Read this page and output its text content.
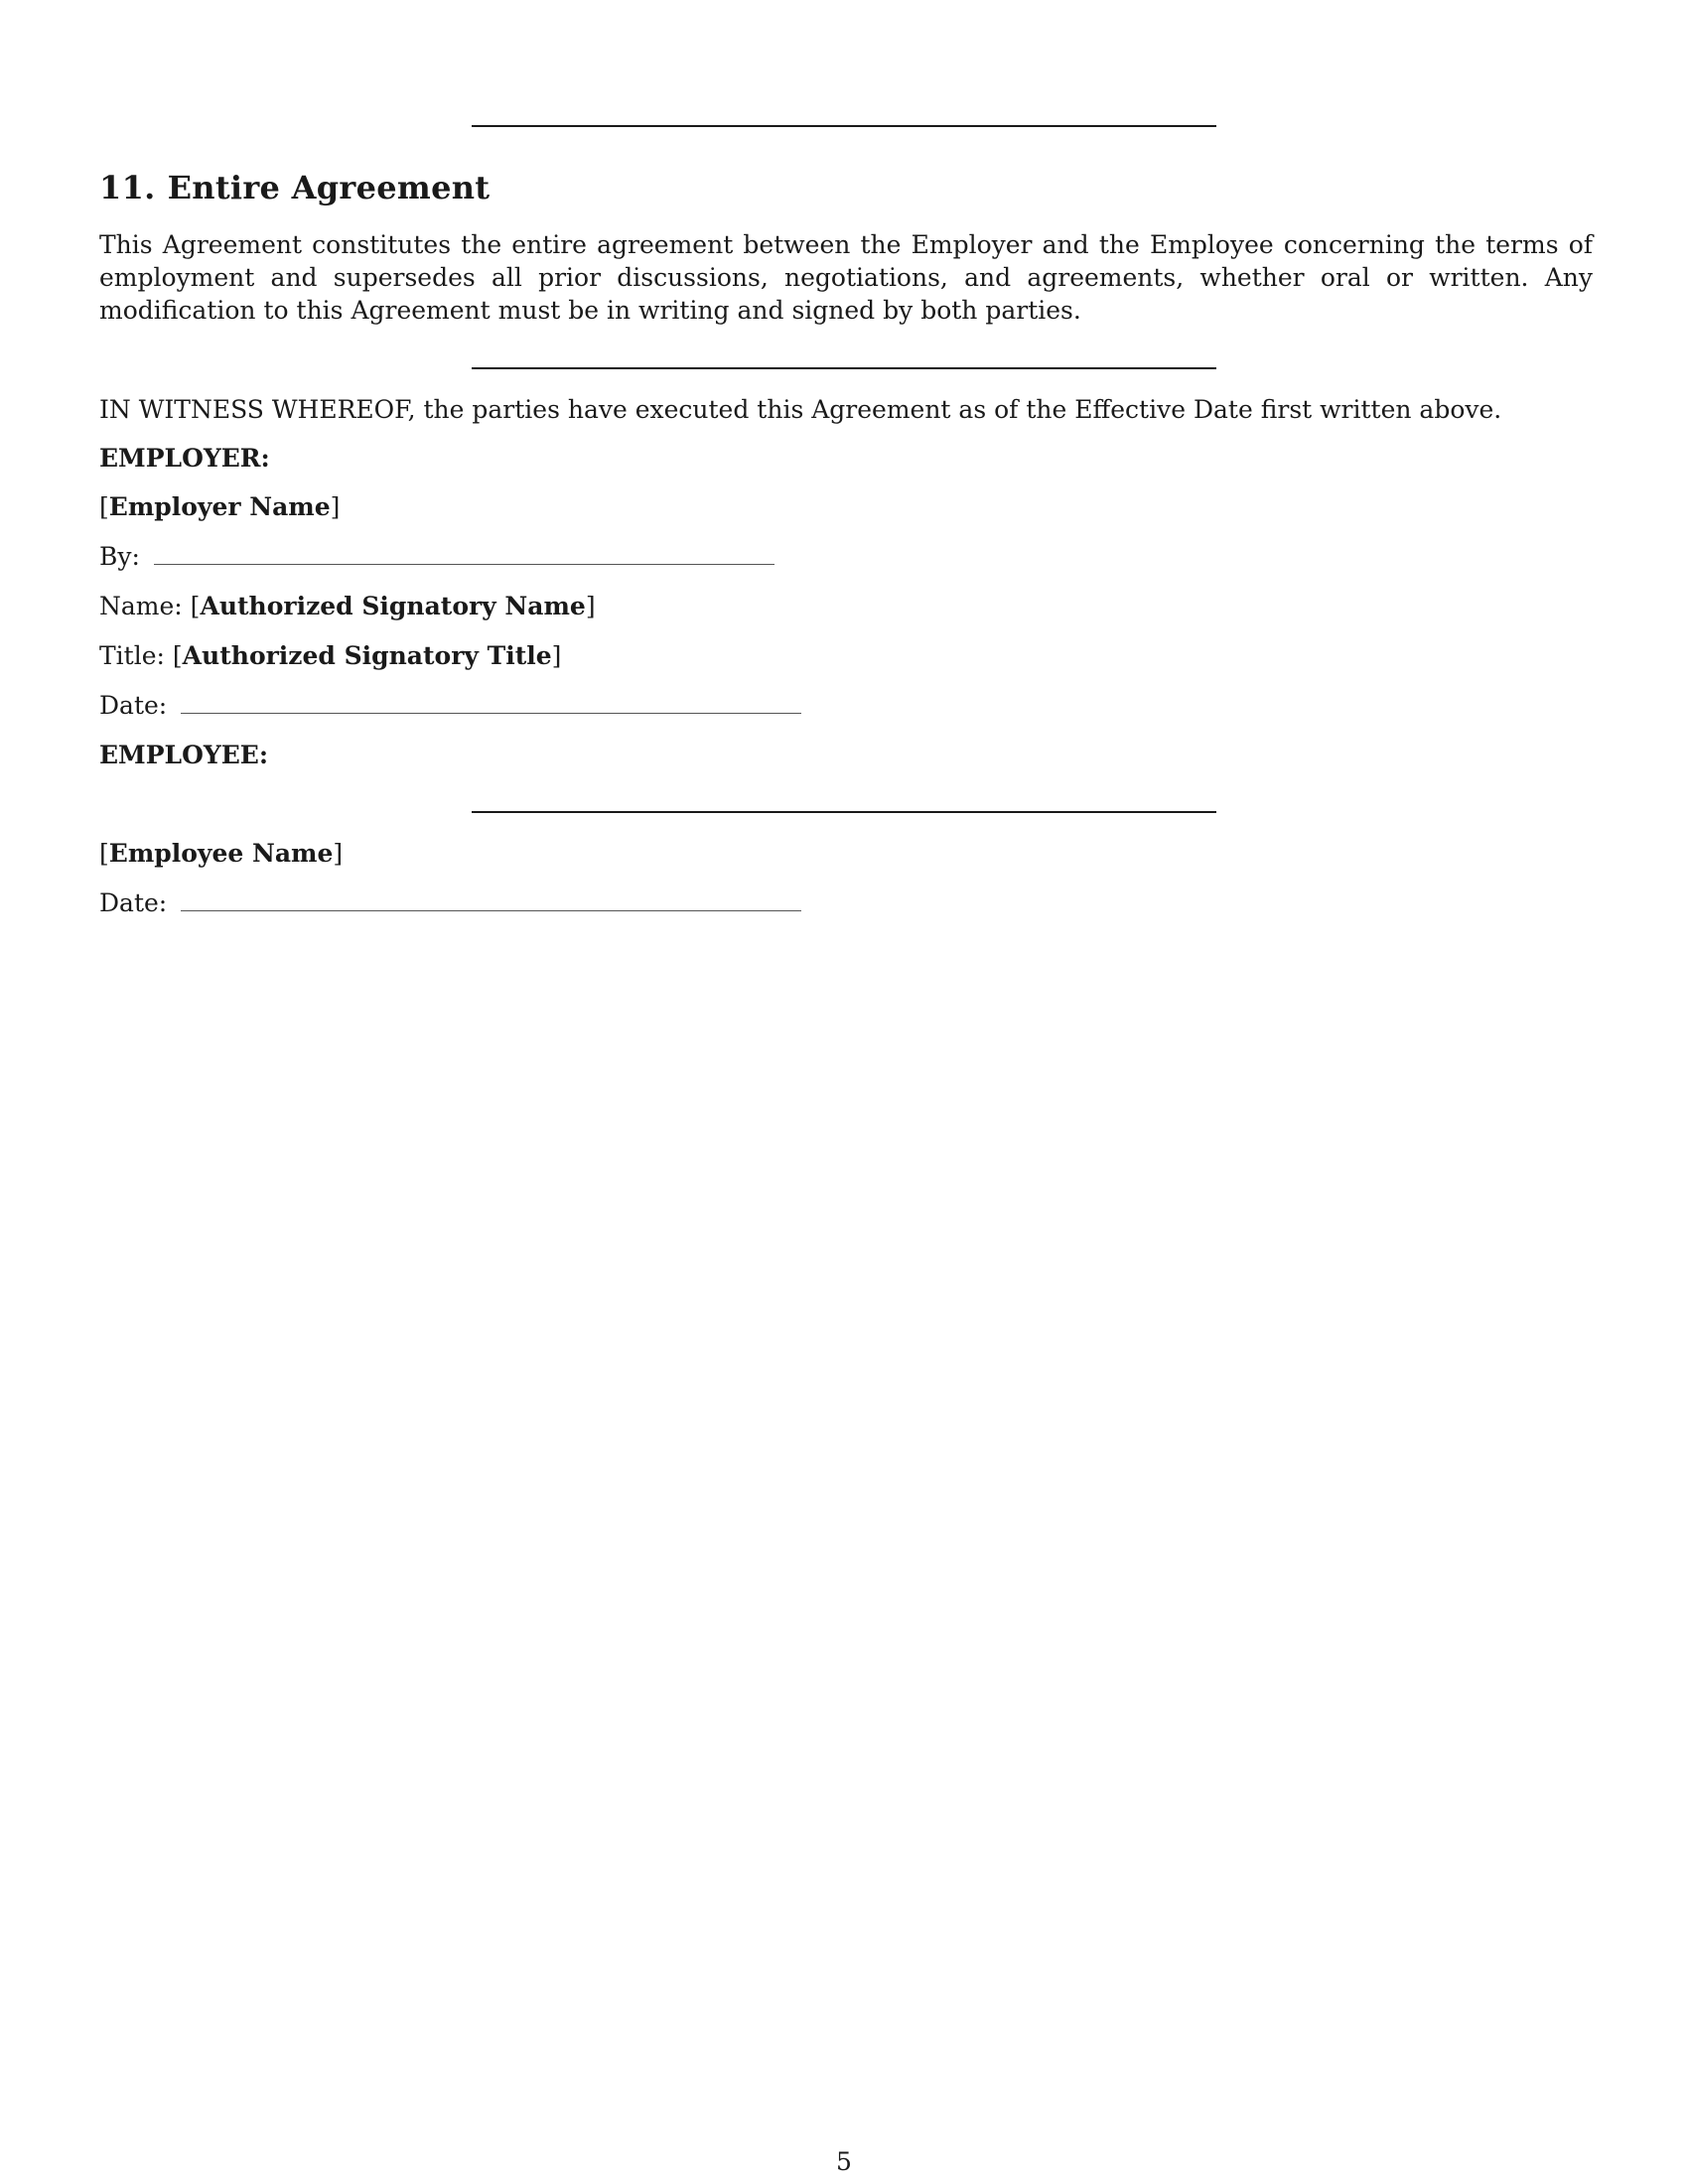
11. Entire Agreement

This Agreement constitutes the entire agreement between the Employer and the Employee concerning the terms of employment and supersedes all prior discussions, negotiations, and agreements, whether oral or written. Any modification to this Agreement must be in writing and signed by both parties.

IN WITNESS WHEREOF, the parties have executed this Agreement as of the Effective Date first written above.
EMPLOYER:
[Employer Name]
By:
Name: [Authorized Signatory Name]
Title: [Authorized Signatory Title]
Date:
EMPLOYEE:
[Employee Name]
Date:
5
